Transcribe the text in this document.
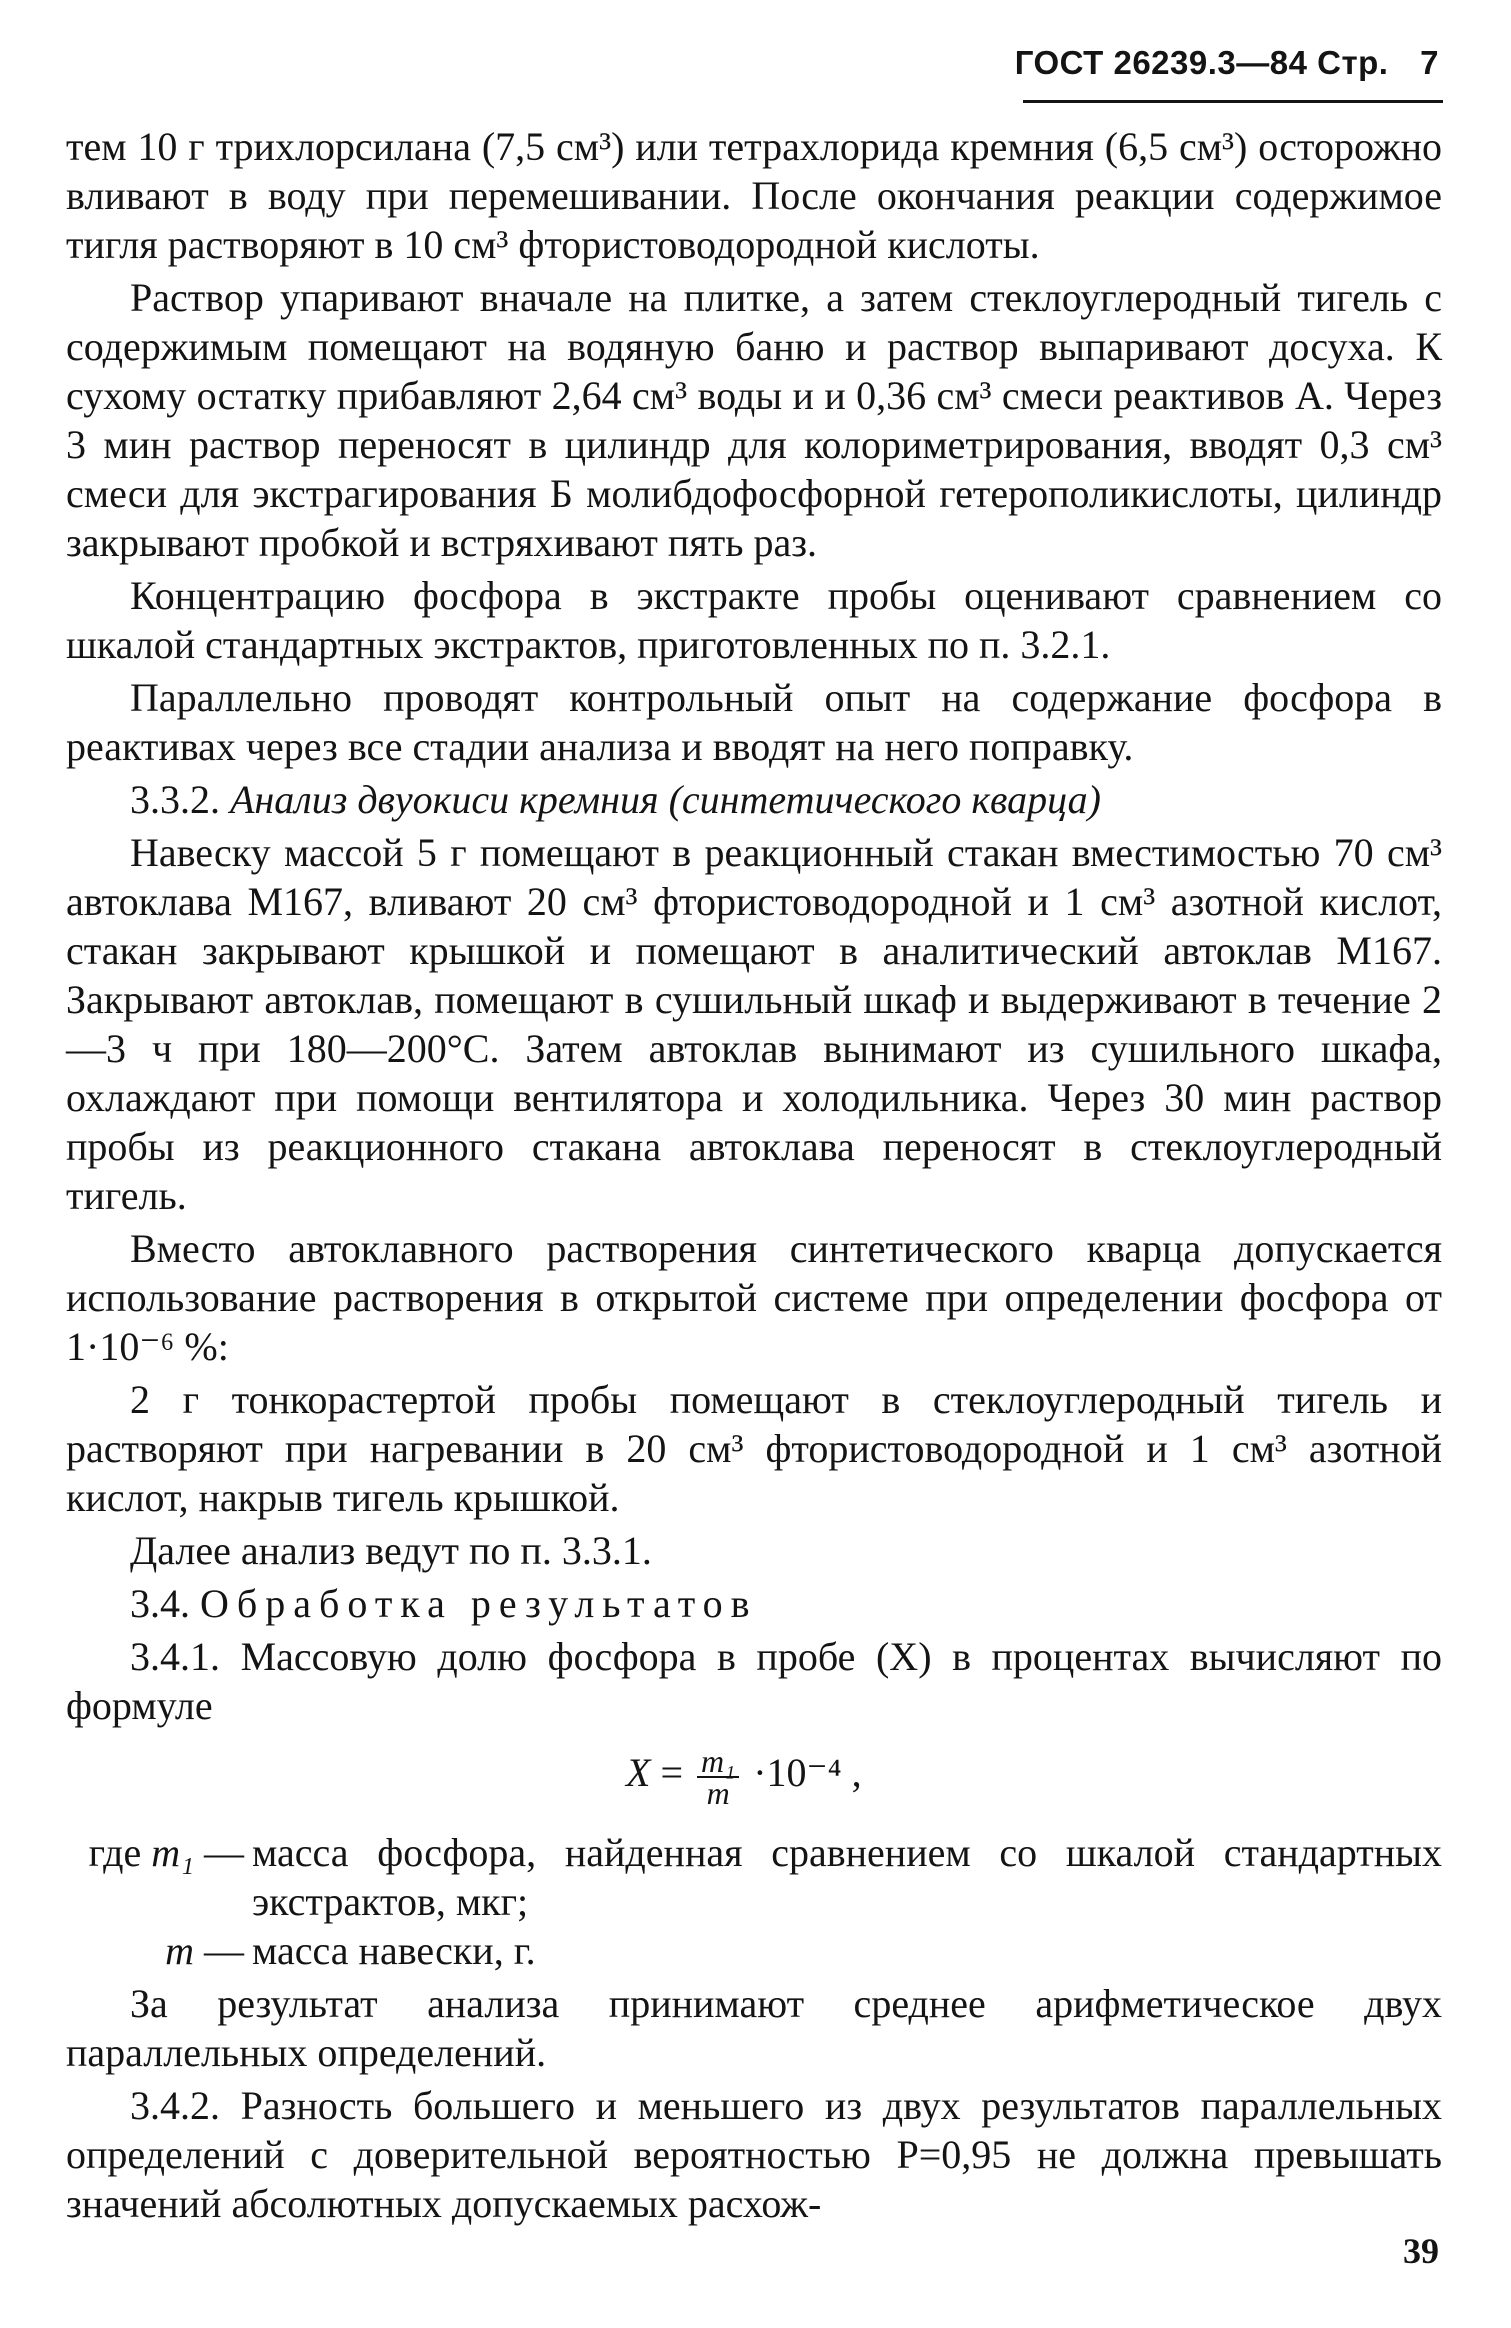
ГОСТ 26239.3—84 Стр. 7

тем 10 г трихлорсилана (7,5 см³) или тетрахлорида кремния (6,5 см³) осторожно вливают в воду при перемешивании. После окончания реакции содержимое тигля растворяют в 10 см³ фтористоводородной кислоты.

Раствор упаривают вначале на плитке, а затем стеклоуглеродный тигель с содержимым помещают на водяную баню и раствор выпаривают досуха. К сухому остатку прибавляют 2,64 см³ воды и и 0,36 см³ смеси реактивов А. Через 3 мин раствор переносят в цилиндр для колориметрирования, вводят 0,3 см³ смеси для экстрагирования Б молибдофосфорной гетерополикислоты, цилиндр закрывают пробкой и встряхивают пять раз.

Концентрацию фосфора в экстракте пробы оценивают сравнением со шкалой стандартных экстрактов, приготовленных по п. 3.2.1.

Параллельно проводят контрольный опыт на содержание фосфора в реактивах через все стадии анализа и вводят на него поправку.

3.3.2. Анализ двуокиси кремния (синтетического кварца)

Навеску массой 5 г помещают в реакционный стакан вместимостью 70 см³ автоклава М167, вливают 20 см³ фтористоводородной и 1 см³ азотной кислот, стакан закрывают крышкой и помещают в аналитический автоклав М167. Закрывают автоклав, помещают в сушильный шкаф и выдерживают в течение 2—3 ч при 180—200°С. Затем автоклав вынимают из сушильного шкафа, охлаждают при помощи вентилятора и холодильника. Через 30 мин раствор пробы из реакционного стакана автоклава переносят в стеклоуглеродный тигель.

Вместо автоклавного растворения синтетического кварца допускается использование растворения в открытой системе при определении фосфора от 1·10⁻⁶ %:

2 г тонкорастертой пробы помещают в стеклоуглеродный тигель и растворяют при нагревании в 20 см³ фтористоводородной и 1 см³ азотной кислот, накрыв тигель крышкой.

Далее анализ ведут по п. 3.3.1.

3.4. Обработка результатов

3.4.1. Массовую долю фосфора в пробе (X) в процентах вычисляют по формуле

$X = \frac{\text{m₁}}{m} \cdot 10^{-4}$ ,
где m₁ — масса фосфора, найденная сравнением со шкалой стандартных экстрактов, мкг;
m — масса навески, г.

За результат анализа принимают среднее арифметическое двух параллельных определений.

3.4.2. Разность большего и меньшего из двух результатов параллельных определений с доверительной вероятностью P=0,95 не должна превышать значений абсолютных допускаемых расхож-

39
